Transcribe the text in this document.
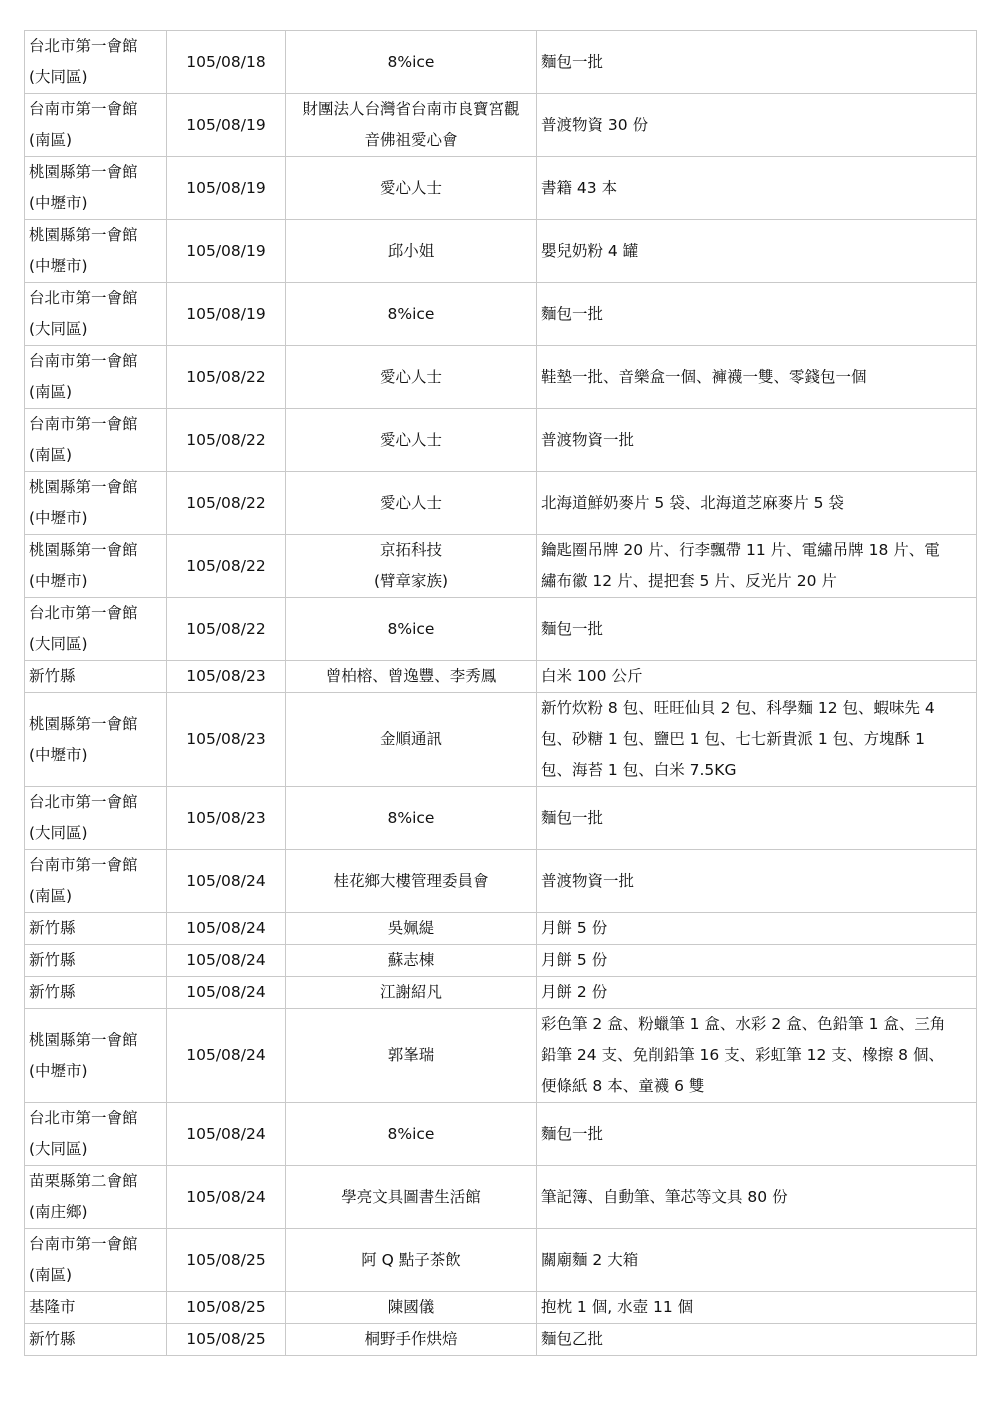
台北市第一會館
(大同區)	105/08/18	8%ice	麵包一批

台南市第一會館
(南區)	105/08/19	財團法人台灣省台南市良寶宮觀
音佛祖愛心會	普渡物資 30 份

桃園縣第一會館
(中壢市)	105/08/19	愛心人士	書籍 43 本

桃園縣第一會館
(中壢市)	105/08/19	邱小姐	嬰兒奶粉 4 罐

台北市第一會館
(大同區)	105/08/19	8%ice	麵包一批

台南市第一會館
(南區)	105/08/22	愛心人士	鞋墊一批、音樂盒一個、褲襪一雙、零錢包一個

台南市第一會館
(南區)	105/08/22	愛心人士	普渡物資一批

桃園縣第一會館
(中壢市)	105/08/22	愛心人士	北海道鮮奶麥片 5 袋、北海道芝麻麥片 5 袋

桃園縣第一會館
(中壢市)	105/08/22	京拓科技
(臂章家族)	鑰匙圈吊牌 20 片、行李飄帶 11 片、電繡吊牌 18 片、電
繡布徽 12 片、提把套 5 片、反光片 20 片

台北市第一會館
(大同區)	105/08/22	8%ice	麵包一批

新竹縣	105/08/23	曾柏榕、曾逸豐、李秀鳳	白米 100 公斤

桃園縣第一會館
(中壢市)	105/08/23	金順通訊	新竹炊粉 8 包、旺旺仙貝 2 包、科學麵 12 包、蝦味先 4
包、砂糖 1 包、鹽巴 1 包、七七新貴派 1 包、方塊酥 1
包、海苔 1 包、白米 7.5KG

台北市第一會館
(大同區)	105/08/23	8%ice	麵包一批

台南市第一會館
(南區)	105/08/24	桂花鄉大樓管理委員會	普渡物資一批

新竹縣	105/08/24	吳姵緹	月餅 5 份

新竹縣	105/08/24	蘇志棟	月餅 5 份

新竹縣	105/08/24	江謝紹凡	月餅 2 份

桃園縣第一會館
(中壢市)	105/08/24	郭峯瑞	彩色筆 2 盒、粉蠟筆 1 盒、水彩 2 盒、色鉛筆 1 盒、三角
鉛筆 24 支、免削鉛筆 16 支、彩虹筆 12 支、橡擦 8 個、
便條紙 8 本、童襪 6 雙

台北市第一會館
(大同區)	105/08/24	8%ice	麵包一批

苗栗縣第二會館
(南庄鄉)	105/08/24	學亮文具圖書生活館	筆記簿、自動筆、筆芯等文具 80 份

台南市第一會館
(南區)	105/08/25	阿 Q 點子茶飲	關廟麵 2 大箱

基隆市	105/08/25	陳國儀	抱枕 1 個, 水壺 11 個

新竹縣	105/08/25	桐野手作烘焙	麵包乙批
